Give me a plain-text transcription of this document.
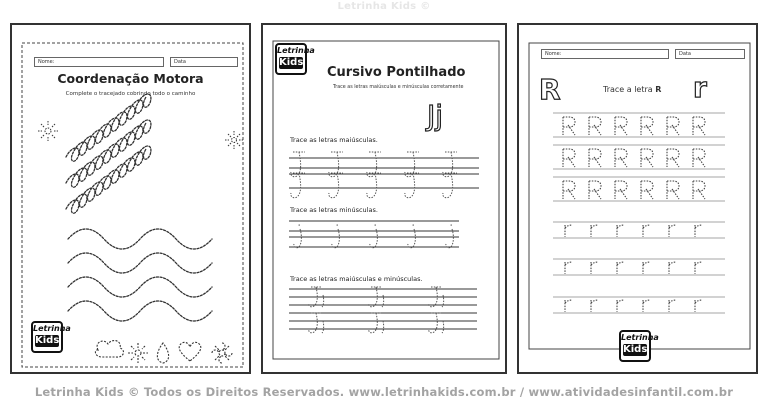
Letrinha Kids ©
Nome:	Data
Coordenação Motora
Complete o tracejado cobrindo todo o caminho
Letrinha
Kids
Letrinha
Kids
Cursivo Pontilhado
Trace as letras maiúsculas e minúsculas corretamente
Jj
Trace as letras maiúsculas.
Trace as letras minúsculas.
Trace as letras maiúsculas e minúsculas.
Nome:	Data
R	Trace a letra R r
Letrinha
Kids
Letrinha Kids © Todos os Direitos Reservados. www.letrinhakids.com.br / www.atividadesinfantil.com.br
